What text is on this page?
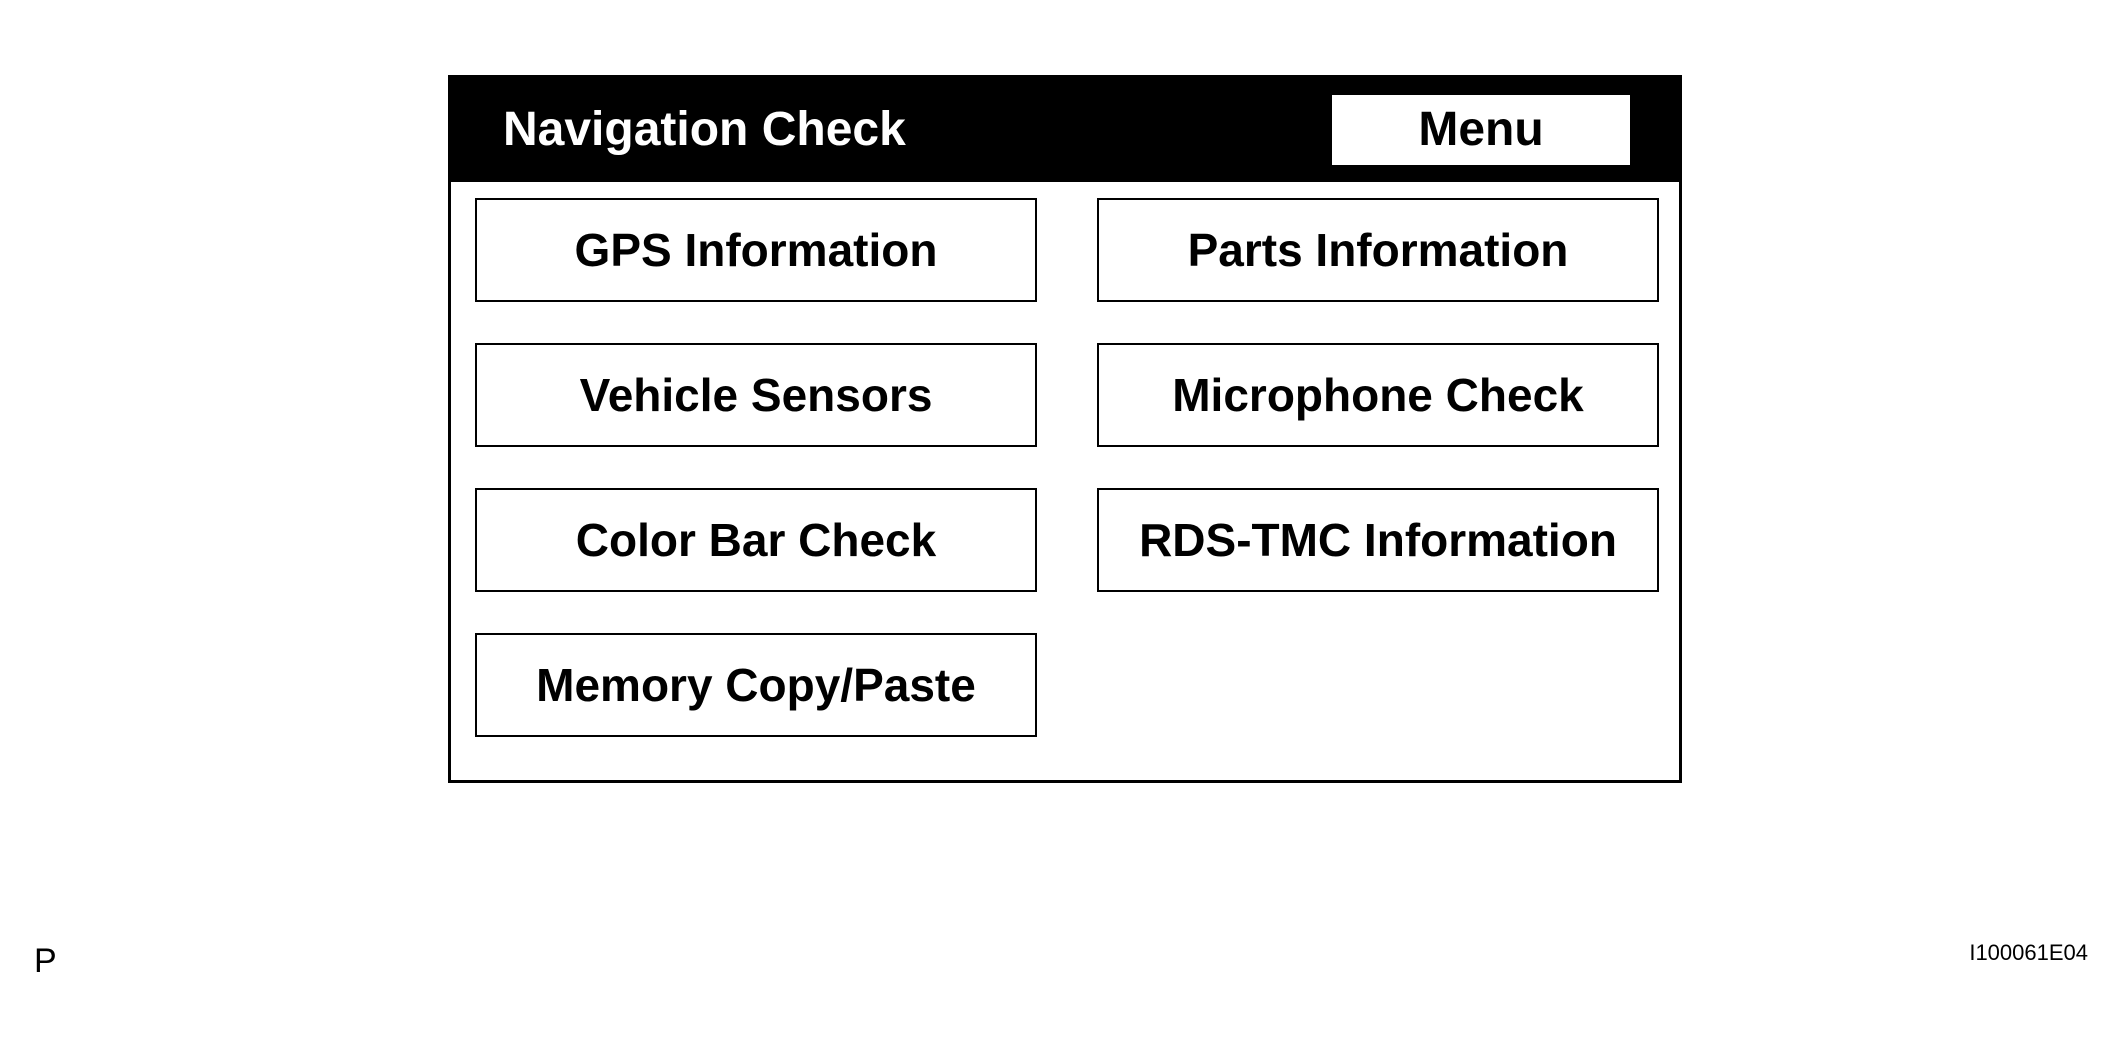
Navigation Check	Menu
GPS Information	Parts Information
Vehicle Sensors	Microphone Check
Color Bar Check	RDS-TMC Information
Memory Copy/Paste
P	I100061E04
